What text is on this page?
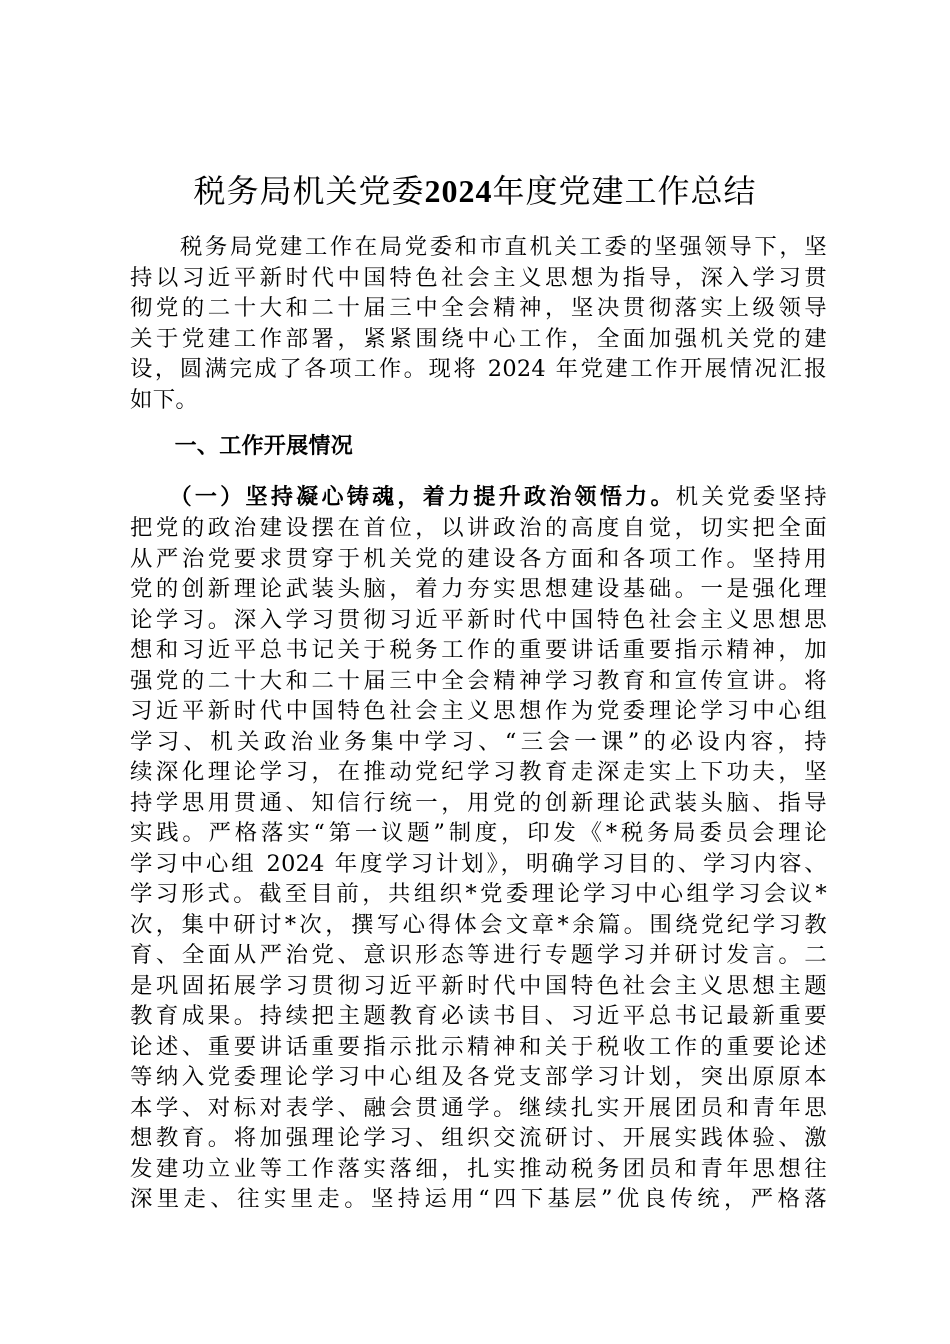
税务局机关党委2024年度党建工作总结
　　税务局党建工作在局党委和市直机关工委的坚强领导下，坚
持以习近平新时代中国特色社会主义思想为指导，深入学习贯
彻党的二十大和二十届三中全会精神，坚决贯彻落实上级领导
关于党建工作部署，紧紧围绕中心工作，全面加强机关党的建
设，圆满完成了各项工作。现将 2024 年党建工作开展情况汇报
如下。
　　一、工作开展情况
　　（一）坚持凝心铸魂，着力提升政治领悟力。机关党委坚持
把党的政治建设摆在首位，以讲政治的高度自觉，切实把全面
从严治党要求贯穿于机关党的建设各方面和各项工作。坚持用
党的创新理论武装头脑，着力夯实思想建设基础。一是强化理
论学习。深入学习贯彻习近平新时代中国特色社会主义思想思
想和习近平总书记关于税务工作的重要讲话重要指示精神，加
强党的二十大和二十届三中全会精神学习教育和宣传宣讲。将
习近平新时代中国特色社会主义思想作为党委理论学习中心组
学习、机关政治业务集中学习、“三会一课”的必设内容，持
续深化理论学习，在推动党纪学习教育走深走实上下功夫，坚
持学思用贯通、知信行统一，用党的创新理论武装头脑、指导
实践。严格落实“第一议题”制度，印发《*税务局委员会理论
学习中心组 2024 年度学习计划》，明确学习目的、学习内容、
学习形式。截至目前，共组织*党委理论学习中心组学习会议*
次，集中研讨*次，撰写心得体会文章*余篇。围绕党纪学习教
育、全面从严治党、意识形态等进行专题学习并研讨发言。二
是巩固拓展学习贯彻习近平新时代中国特色社会主义思想主题
教育成果。持续把主题教育必读书目、习近平总书记最新重要
论述、重要讲话重要指示批示精神和关于税收工作的重要论述
等纳入党委理论学习中心组及各党支部学习计划，突出原原本
本学、对标对表学、融会贯通学。继续扎实开展团员和青年思
想教育。将加强理论学习、组织交流研讨、开展实践体验、激
发建功立业等工作落实落细，扎实推动税务团员和青年思想往
深里走、往实里走。坚持运用“四下基层”优良传统，严格落
